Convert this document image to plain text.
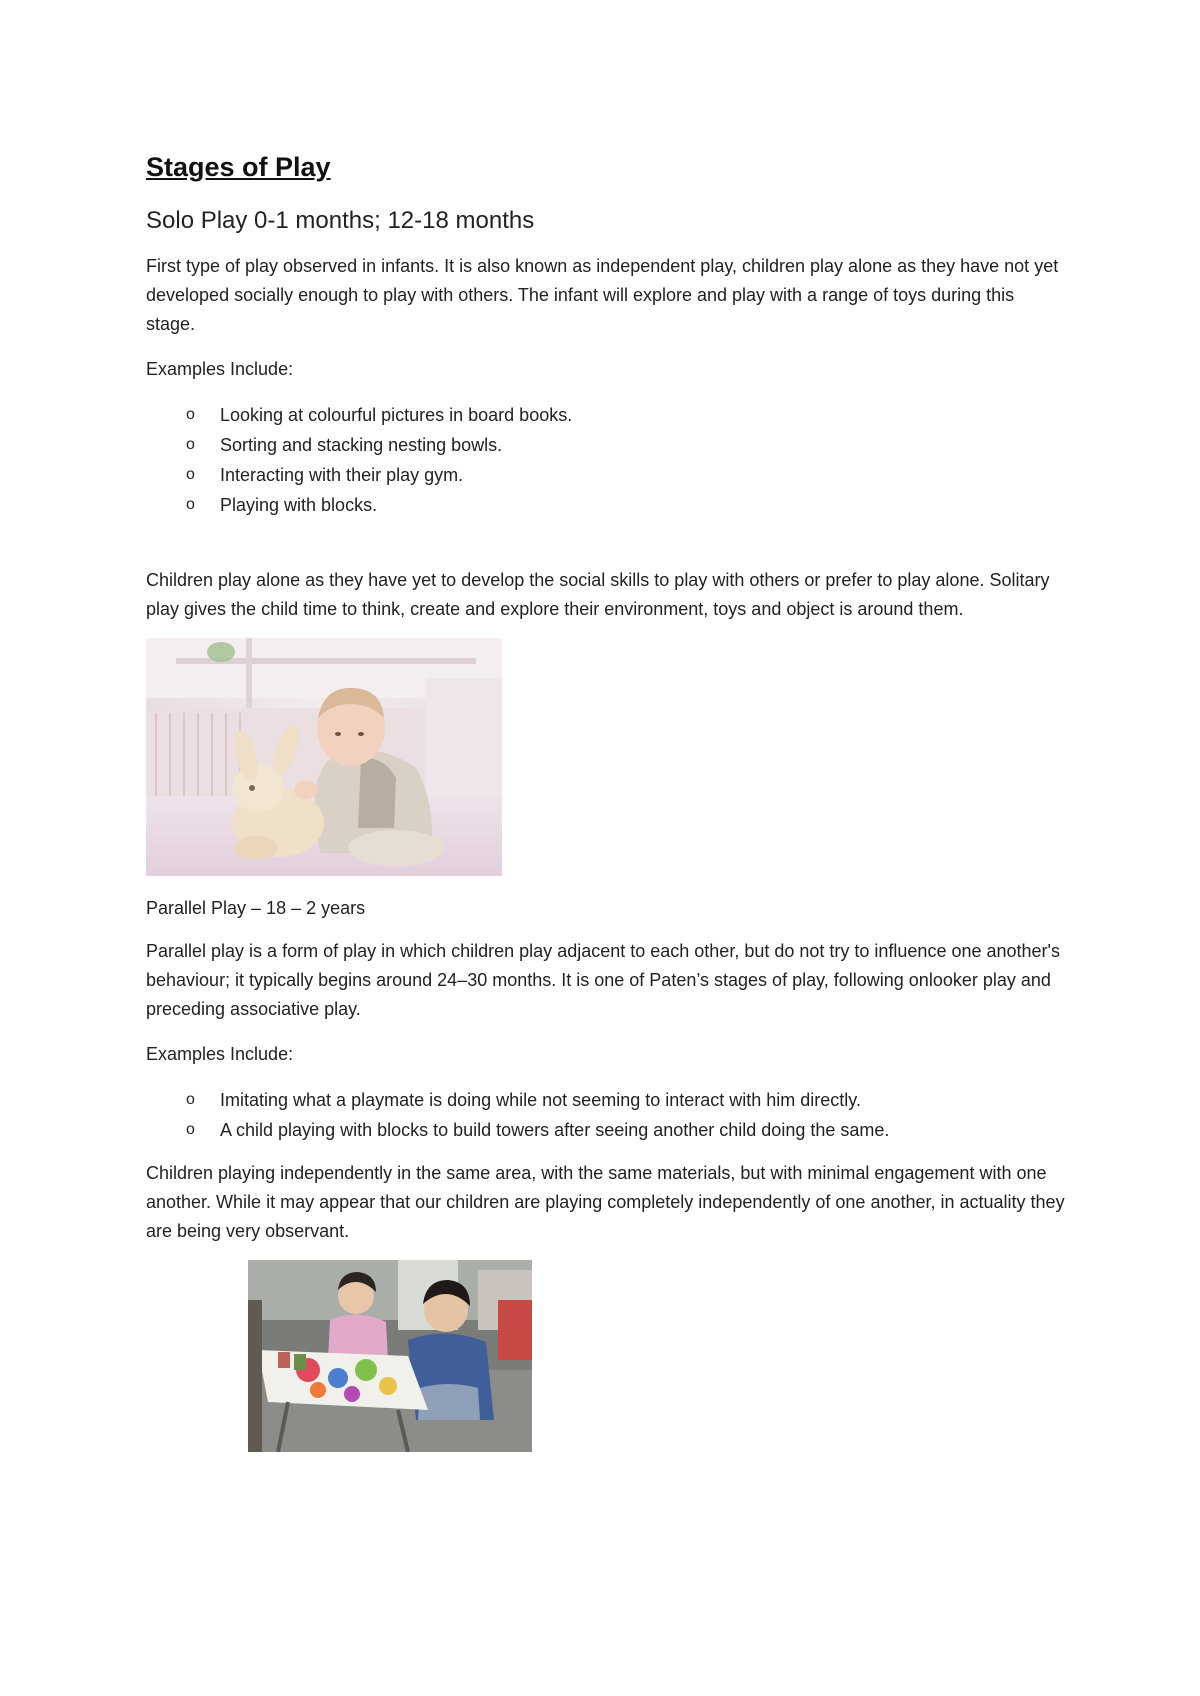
Stages of Play
Solo Play 0-1 months; 12-18 months

First type of play observed in infants. It is also known as independent play, children play alone as they have not yet developed socially enough to play with others. The infant will explore and play with a range of toys during this stage.

Examples Include:

o Looking at colourful pictures in board books.
o Sorting and stacking nesting bowls.
o Interacting with their play gym.
o Playing with blocks.

Children play alone as they have yet to develop the social skills to play with others or prefer to play alone. Solitary play gives the child time to think, create and explore their environment, toys and object is around them.

Parallel Play – 18 – 2 years

Parallel play is a form of play in which children play adjacent to each other, but do not try to influence one another's behaviour; it typically begins around 24–30 months. It is one of Paten’s stages of play, following onlooker play and preceding associative play.

Examples Include:

o Imitating what a playmate is doing while not seeming to interact with him directly.
o A child playing with blocks to build towers after seeing another child doing the same.

Children playing independently in the same area, with the same materials, but with minimal engagement with one another. While it may appear that our children are playing completely independently of one another, in actuality they are being very observant.
